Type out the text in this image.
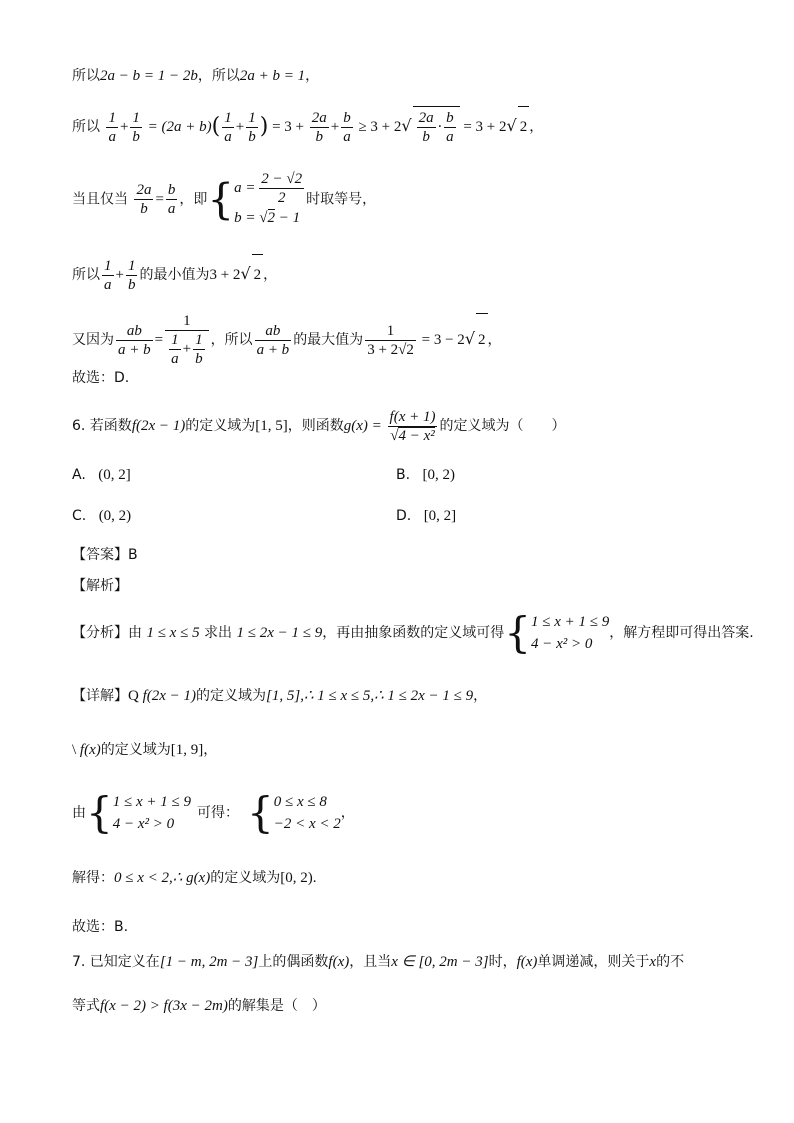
所以2a − b = 1 − 2b，所以2a + b = 1，
所以 $\frac{1}{a} + \frac{1}{b} = (2a + b)( \frac{1}{a} + \frac{1}{b}$ ) = $3 + \frac{2a}{b} + \frac{b}{a} \ge 3 + 2√ \frac{2a}{b} \cdot \frac{b}{a} = 3 + 2√$ 2 ，
当且仅当 $\frac{2a}{b} = \frac{b}{a}$ ，即{$a = \frac{2 - √2}{2}$

b = √2 − 1时取等号，
所以 $\frac{1}{a} + \frac{1}{b}$ 的最小值为3 + 2√ 2 ，
又因为 $\frac{ab}{a + b} = \frac{1}{\frac{1}{a} + \frac{1}{b}}$ ，所以 $\frac{ab}{a + b}$ 的最大值为 $\frac{1}{3 + 2√2} = 3 - 2√$ 2 ，
故选：D.
6. 若函数f(2x − 1)的定义域为[1, 5]，则函数$g(x) = \frac{f(x + 1)}{\text{√4 − x²}}$ 的定义域为（　　）
A. (0, 2]	B. [0, 2)
C. (0, 2)	D. [0, 2]
【答案】B
【解析】
【分析】由 1 ≤ x ≤ 5 求出 1 ≤ 2x − 1 ≤ 9，再由抽象函数的定义域可得{1 ≤ x + 1 ≤ 9
4 − x² > 0，解方程即可得出答案.
【详解】Q f(2x − 1)的定义域为[1, 5],∴ 1 ≤ x ≤ 5,∴ 1 ≤ 2x − 1 ≤ 9，
\ f(x)的定义域为[1, 9]，
由{1 ≤ x + 1 ≤ 9
4 − x² > 0可得： {0 ≤ x ≤ 8
−2 < x < 2，
解得：0 ≤ x < 2,∴ g(x)的定义域为[0, 2).
故选：B.
7. 已知定义在[1 − m, 2m − 3]上的偶函数f(x)，且当x ∈ [0, 2m − 3]时，f(x)单调递减，则关于x的不
等式f(x − 2) > f(3x − 2m)的解集是（　）
